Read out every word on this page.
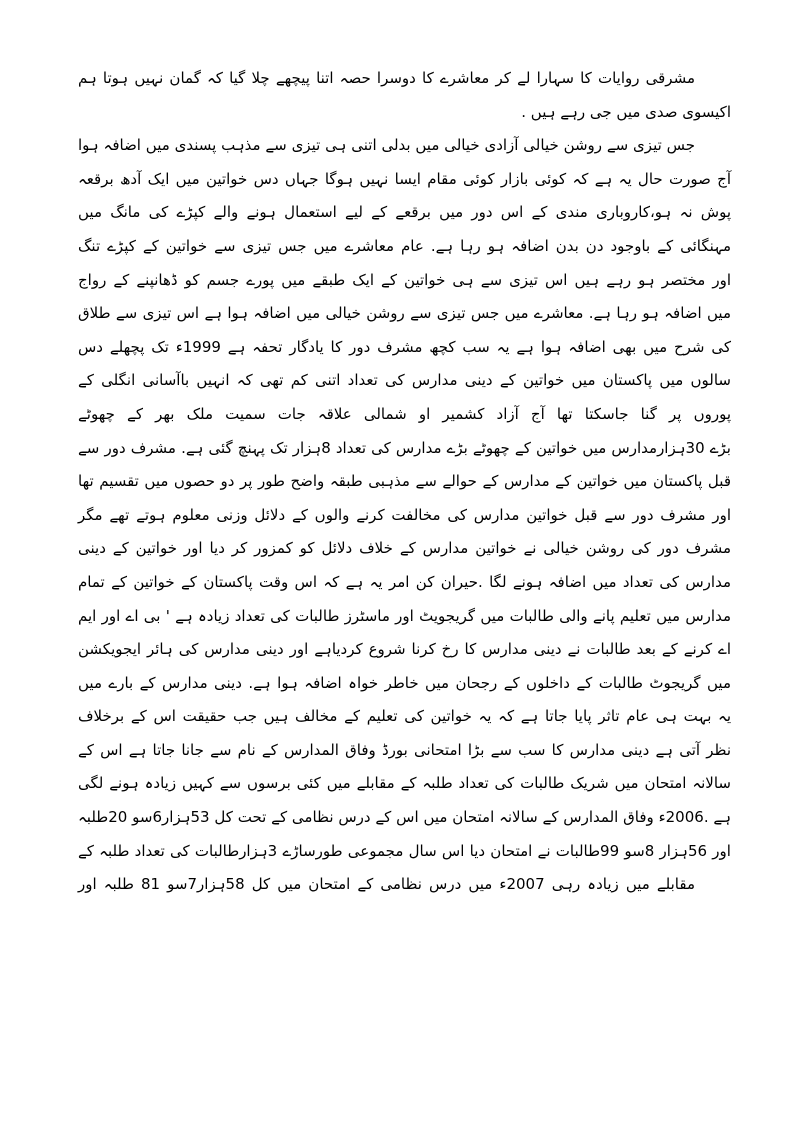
مشرقی روایات کا سہارا لے کر معاشرے کا دوسرا حصہ اتنا پیچھے چلا گیا کہ گمان نہیں ہوتا ہم
اکیسوی صدی میں جی رہے ہیں .
جس تیزی سے روشن خیالی آزادی خیالی میں بدلی اتنی ہی تیزی سے مذہب پسندی میں اضافہ ہوا
آج صورت حال یہ ہے کہ کوئی بازار کوئی مقام ایسا نہیں ہوگا جہاں دس خواتین میں ایک آدھ برقعہ
پوش نہ ہو،کاروباری مندی کے اس دور میں برقعے کے لیے استعمال ہونے والے کپڑے کی مانگ میں
مہنگائی کے باوجود دن بدن اضافہ ہو رہا ہے. عام معاشرے میں جس تیزی سے خواتین کے کپڑے تنگ
اور مختصر ہو رہے ہیں اس تیزی سے ہی خواتین کے ایک طبقے میں پورے جسم کو ڈھانپنے کے رواج
میں اضافہ ہو رہا ہے. معاشرے میں جس تیزی سے روشن خیالی میں اضافہ ہوا ہے اس تیزی سے طلاق
کی شرح میں بھی اضافہ ہوا ہے یہ سب کچھ مشرف دور کا یادگار تحفہ ہے 1999ء تک پچھلے دس
سالوں میں پاکستان میں خواتین کے دینی مدارس کی تعداد اتنی کم تھی کہ انہیں باآسانی انگلی کے
پوروں پر گنا جاسکتا تھا آج آزاد کشمیر او شمالی علاقہ جات سمیت ملک بھر کے چھوٹے
بڑے 30ہزارمدارس میں خواتین کے چھوٹے بڑے مدارس کی تعداد 8ہزار تک پہنچ گئی ہے. مشرف دور سے
قبل پاکستان میں خواتین کے مدارس کے حوالے سے مذہبی طبقہ واضح طور پر دو حصوں میں تقسیم تھا
اور مشرف دور سے قبل خواتین مدارس کی مخالفت کرنے والوں کے دلائل وزنی معلوم ہوتے تھے مگر
مشرف دور کی روشن خیالی نے خواتین مدارس کے خلاف دلائل کو کمزور کر دیا اور خواتین کے دینی
مدارس کی تعداد میں اضافہ ہونے لگا .حیران کن امر یہ ہے کہ اس وقت پاکستان کے خواتین کے تمام
مدارس میں تعلیم پانے والی طالبات میں گریجویٹ اور ماسٹرز طالبات کی تعداد زیادہ ہے ' بی اے اور ایم
اے کرنے کے بعد طالبات نے دینی مدارس کا رخ کرنا شروع کردیاہے اور دینی مدارس کی ہائر ایجویکشن
میں گریجوٹ طالبات کے داخلوں کے رجحان میں خاطر خواہ اضافہ ہوا ہے. دینی مدارس کے بارے میں
یہ بہت ہی عام تاثر پایا جاتا ہے کہ یہ خواتین کی تعلیم کے مخالف ہیں جب حقیقت اس کے برخلاف
نظر آتی ہے دینی مدارس کا سب سے بڑا امتحانی بورڈ وفاق المدارس کے نام سے جانا جاتا ہے اس کے
سالانہ امتحان میں شریک طالبات کی تعداد طلبہ کے مقابلے میں کئی برسوں سے کہیں زیادہ ہونے لگی
ہے .2006ء وفاق المدارس کے سالانہ امتحان میں اس کے درس نظامی کے تحت کل 53ہزار6سو 20طلبہ
اور 56ہزار 8سو 99طالبات نے امتحان دیا اس سال مجموعی طورساڑے 3ہزارطالبات کی تعداد طلبہ کے
مقابلے میں زیادہ رہی 2007ء میں درس نظامی کے امتحان میں کل 58ہزار7سو 81 طلبہ اور
